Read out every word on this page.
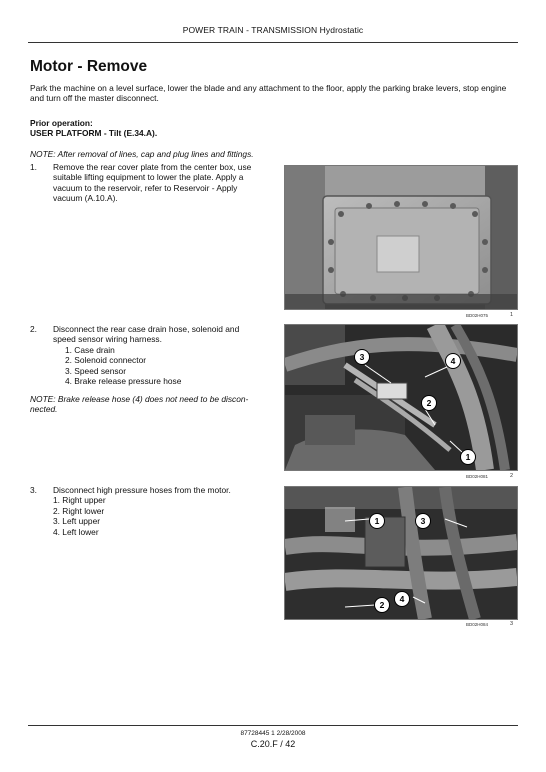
POWER TRAIN - TRANSMISSION Hydrostatic
Motor - Remove
Park the machine on a level surface, lower the blade and any attachment to the floor, apply the parking brake levers, stop engine and turn off the master disconnect.
Prior operation:
USER PLATFORM - Tilt (E.34.A).
NOTE: After removal of lines, cap and plug lines and fittings.
1. Remove the rear cover plate from the center box, use
suitable lifting equipment to lower the plate. Apply a
vacuum to the reservoir, refer to Reservoir - Apply
vacuum (A.10.A).
BD02H075	1
2. Disconnect the rear case drain hose, solenoid and
speed sensor wiring harness.
1. Case drain
2. Solenoid connector
3. Speed sensor
4. Brake release pressure hose
NOTE: Brake release hose (4) does not need to be discon-
nected.
3	4
2
1
BD02H081	2
3. Disconnect high pressure hoses from the motor.
1. Right upper
2. Right lower
3. Left upper
4. Left lower
1	3
4
2
BD02H084	3
87728445 1 2/28/2008
C.20.F / 42
